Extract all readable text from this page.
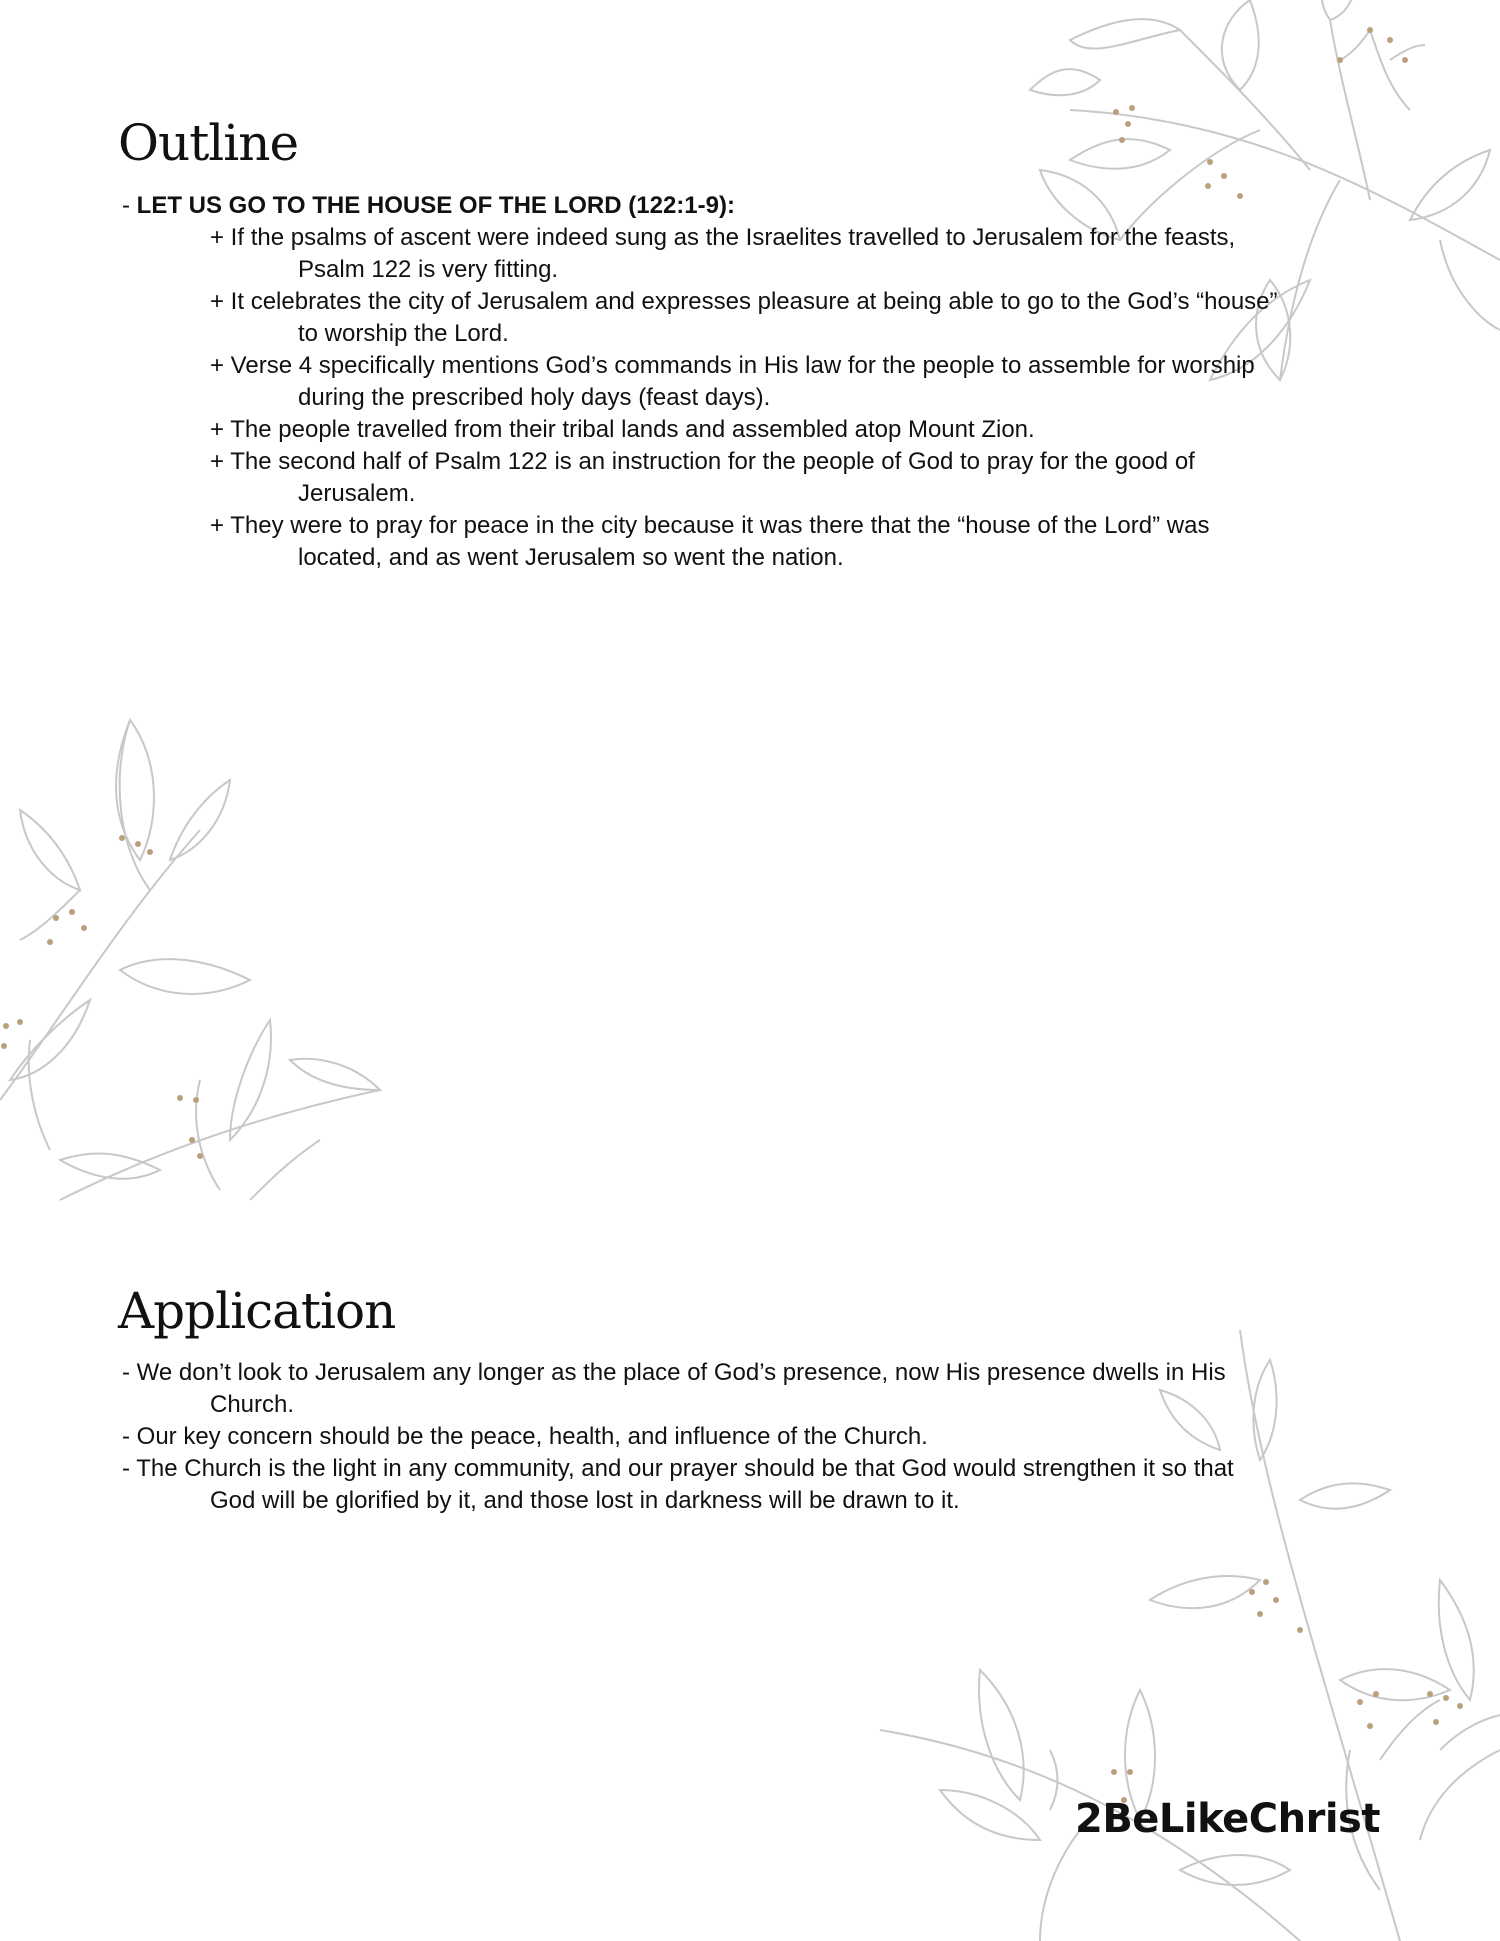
Outline

- LET US GO TO THE HOUSE OF THE LORD (122:1-9):

+ If the psalms of ascent were indeed sung as the Israelites travelled to Jerusalem for the feasts,

Psalm 122 is very fitting.

+ It celebrates the city of Jerusalem and expresses pleasure at being able to go to the God’s “house”

to worship the Lord.

+ Verse 4 specifically mentions God’s commands in His law for the people to assemble for worship

during the prescribed holy days (feast days).

+ The people travelled from their tribal lands and assembled atop Mount Zion.

+ The second half of Psalm 122 is an instruction for the people of God to pray for the good of

Jerusalem.

+ They were to pray for peace in the city because it was there that the “house of the Lord” was

located, and as went Jerusalem so went the nation.

Application

- We don’t look to Jerusalem any longer as the place of God’s presence, now His presence dwells in His

Church.

- Our key concern should be the peace, health, and influence of the Church.

- The Church is the light in any community, and our prayer should be that God would strengthen it so that

God will be glorified by it, and those lost in darkness will be drawn to it.

2BeLikeChrist
